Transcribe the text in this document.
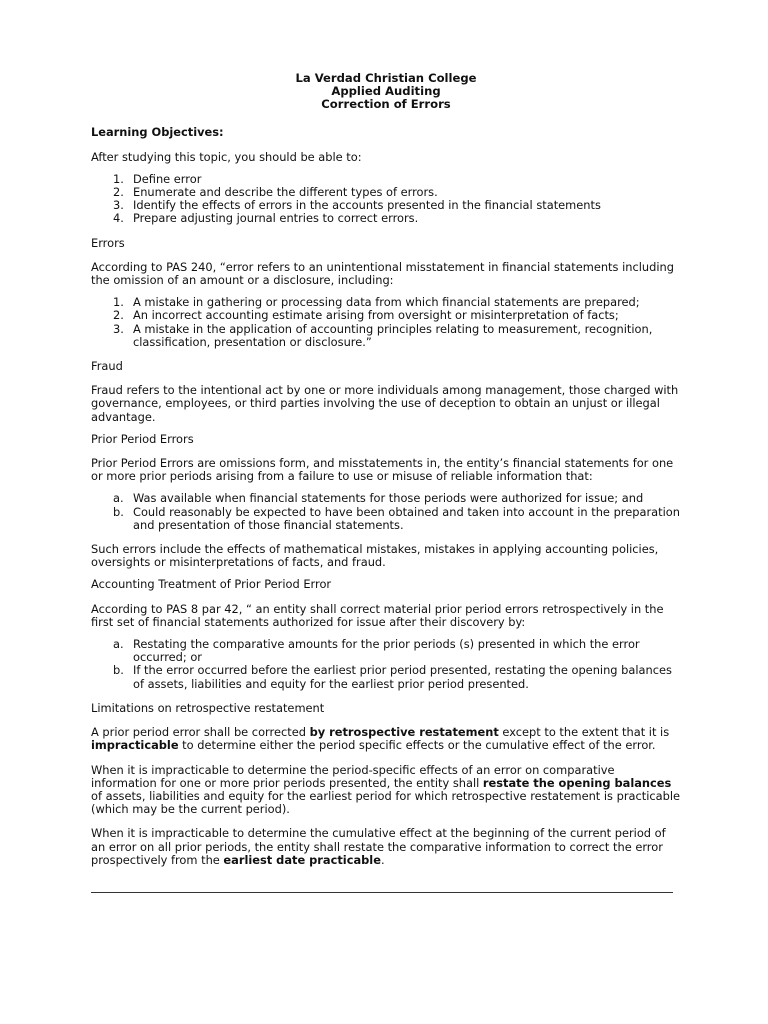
La Verdad Christian College
Applied Auditing
Correction of Errors

Learning Objectives:

After studying this topic, you should be able to:

1. Define error
2. Enumerate and describe the different types of errors.
3. Identify the effects of errors in the accounts presented in the financial statements
4. Prepare adjusting journal entries to correct errors.

Errors

According to PAS 240, “error refers to an unintentional misstatement in financial statements including the omission of an amount or a disclosure, including:

1. A mistake in gathering or processing data from which financial statements are prepared;
2. An incorrect accounting estimate arising from oversight or misinterpretation of facts;
3. A mistake in the application of accounting principles relating to measurement, recognition, classification, presentation or disclosure.”

Fraud

Fraud refers to the intentional act by one or more individuals among management, those charged with governance, employees, or third parties involving the use of deception to obtain an unjust or illegal advantage.

Prior Period Errors

Prior Period Errors are omissions form, and misstatements in, the entity’s financial statements for one or more prior periods arising from a failure to use or misuse of reliable information that:

a. Was available when financial statements for those periods were authorized for issue; and
b. Could reasonably be expected to have been obtained and taken into account in the preparation and presentation of those financial statements.

Such errors include the effects of mathematical mistakes, mistakes in applying accounting policies, oversights or misinterpretations of facts, and fraud.

Accounting Treatment of Prior Period Error

According to PAS 8 par 42, “ an entity shall correct material prior period errors retrospectively in the first set of financial statements authorized for issue after their discovery by:

a. Restating the comparative amounts for the prior periods (s) presented in which the error occurred; or
b. If the error occurred before the earliest prior period presented, restating the opening balances of assets, liabilities and equity for the earliest prior period presented.

Limitations on retrospective restatement

A prior period error shall be corrected by retrospective restatement except to the extent that it is impracticable to determine either the period specific effects or the cumulative effect of the error.

When it is impracticable to determine the period-specific effects of an error on comparative information for one or more prior periods presented, the entity shall restate the opening balances of assets, liabilities and equity for the earliest period for which retrospective restatement is practicable (which may be the current period).

When it is impracticable to determine the cumulative effect at the beginning of the current period of an error on all prior periods, the entity shall restate the comparative information to correct the error prospectively from the earliest date practicable.
